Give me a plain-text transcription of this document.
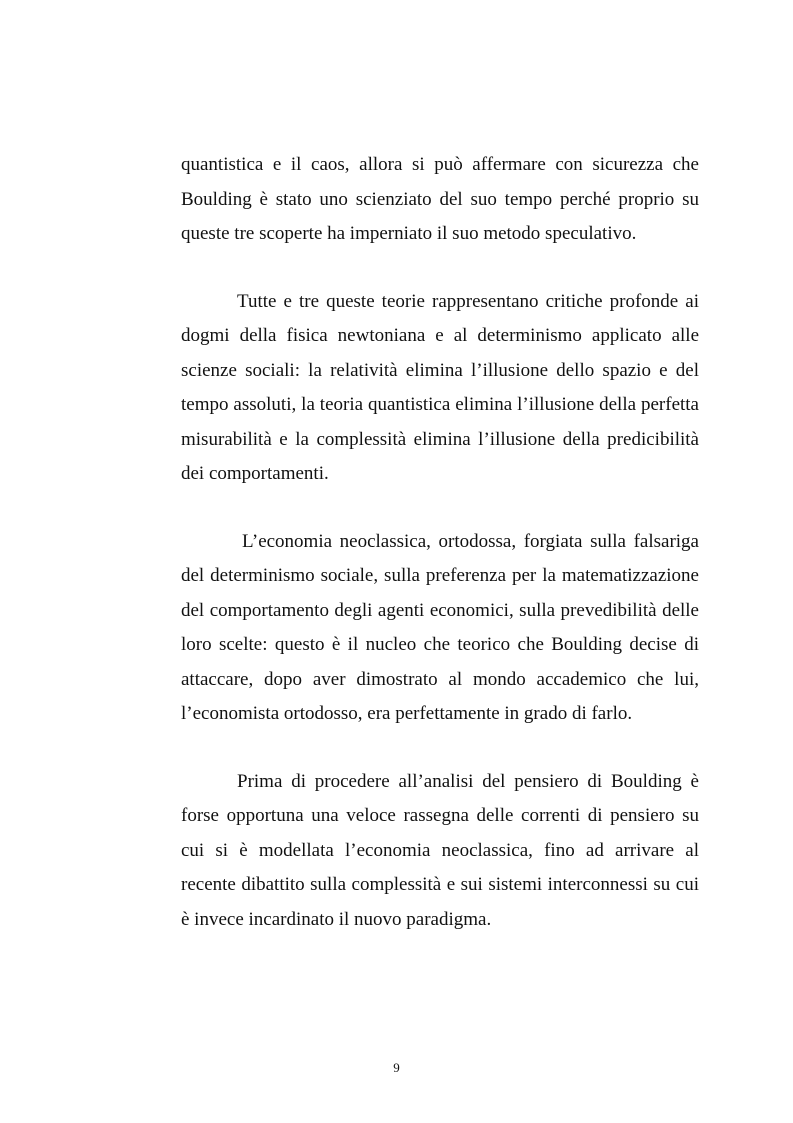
quantistica e il caos, allora si può affermare con sicurezza che Boulding è stato uno scienziato del suo tempo perché proprio su queste tre scoperte ha imperniato il suo metodo speculativo.

Tutte e tre queste teorie rappresentano critiche profonde ai dogmi della fisica newtoniana e al determinismo applicato alle scienze sociali: la relatività elimina l’illusione dello spazio e del tempo assoluti, la teoria quantistica elimina l’illusione della perfetta misurabilità e la complessità elimina l’illusione della predicibilità dei comportamenti.

L’economia neoclassica, ortodossa, forgiata sulla falsariga del determinismo sociale, sulla preferenza per la matematizzazione del comportamento degli agenti economici, sulla prevedibilità delle loro scelte: questo è il nucleo che teorico che Boulding decise di attaccare, dopo aver dimostrato al mondo accademico che lui, l’economista ortodosso, era perfettamente in grado di farlo.

Prima di procedere all’analisi del pensiero di Boulding è forse opportuna una veloce rassegna delle correnti di pensiero su cui si è modellata l’economia neoclassica, fino ad arrivare al recente dibattito sulla complessità e sui sistemi interconnessi su cui è invece incardinato il nuovo paradigma.

9
